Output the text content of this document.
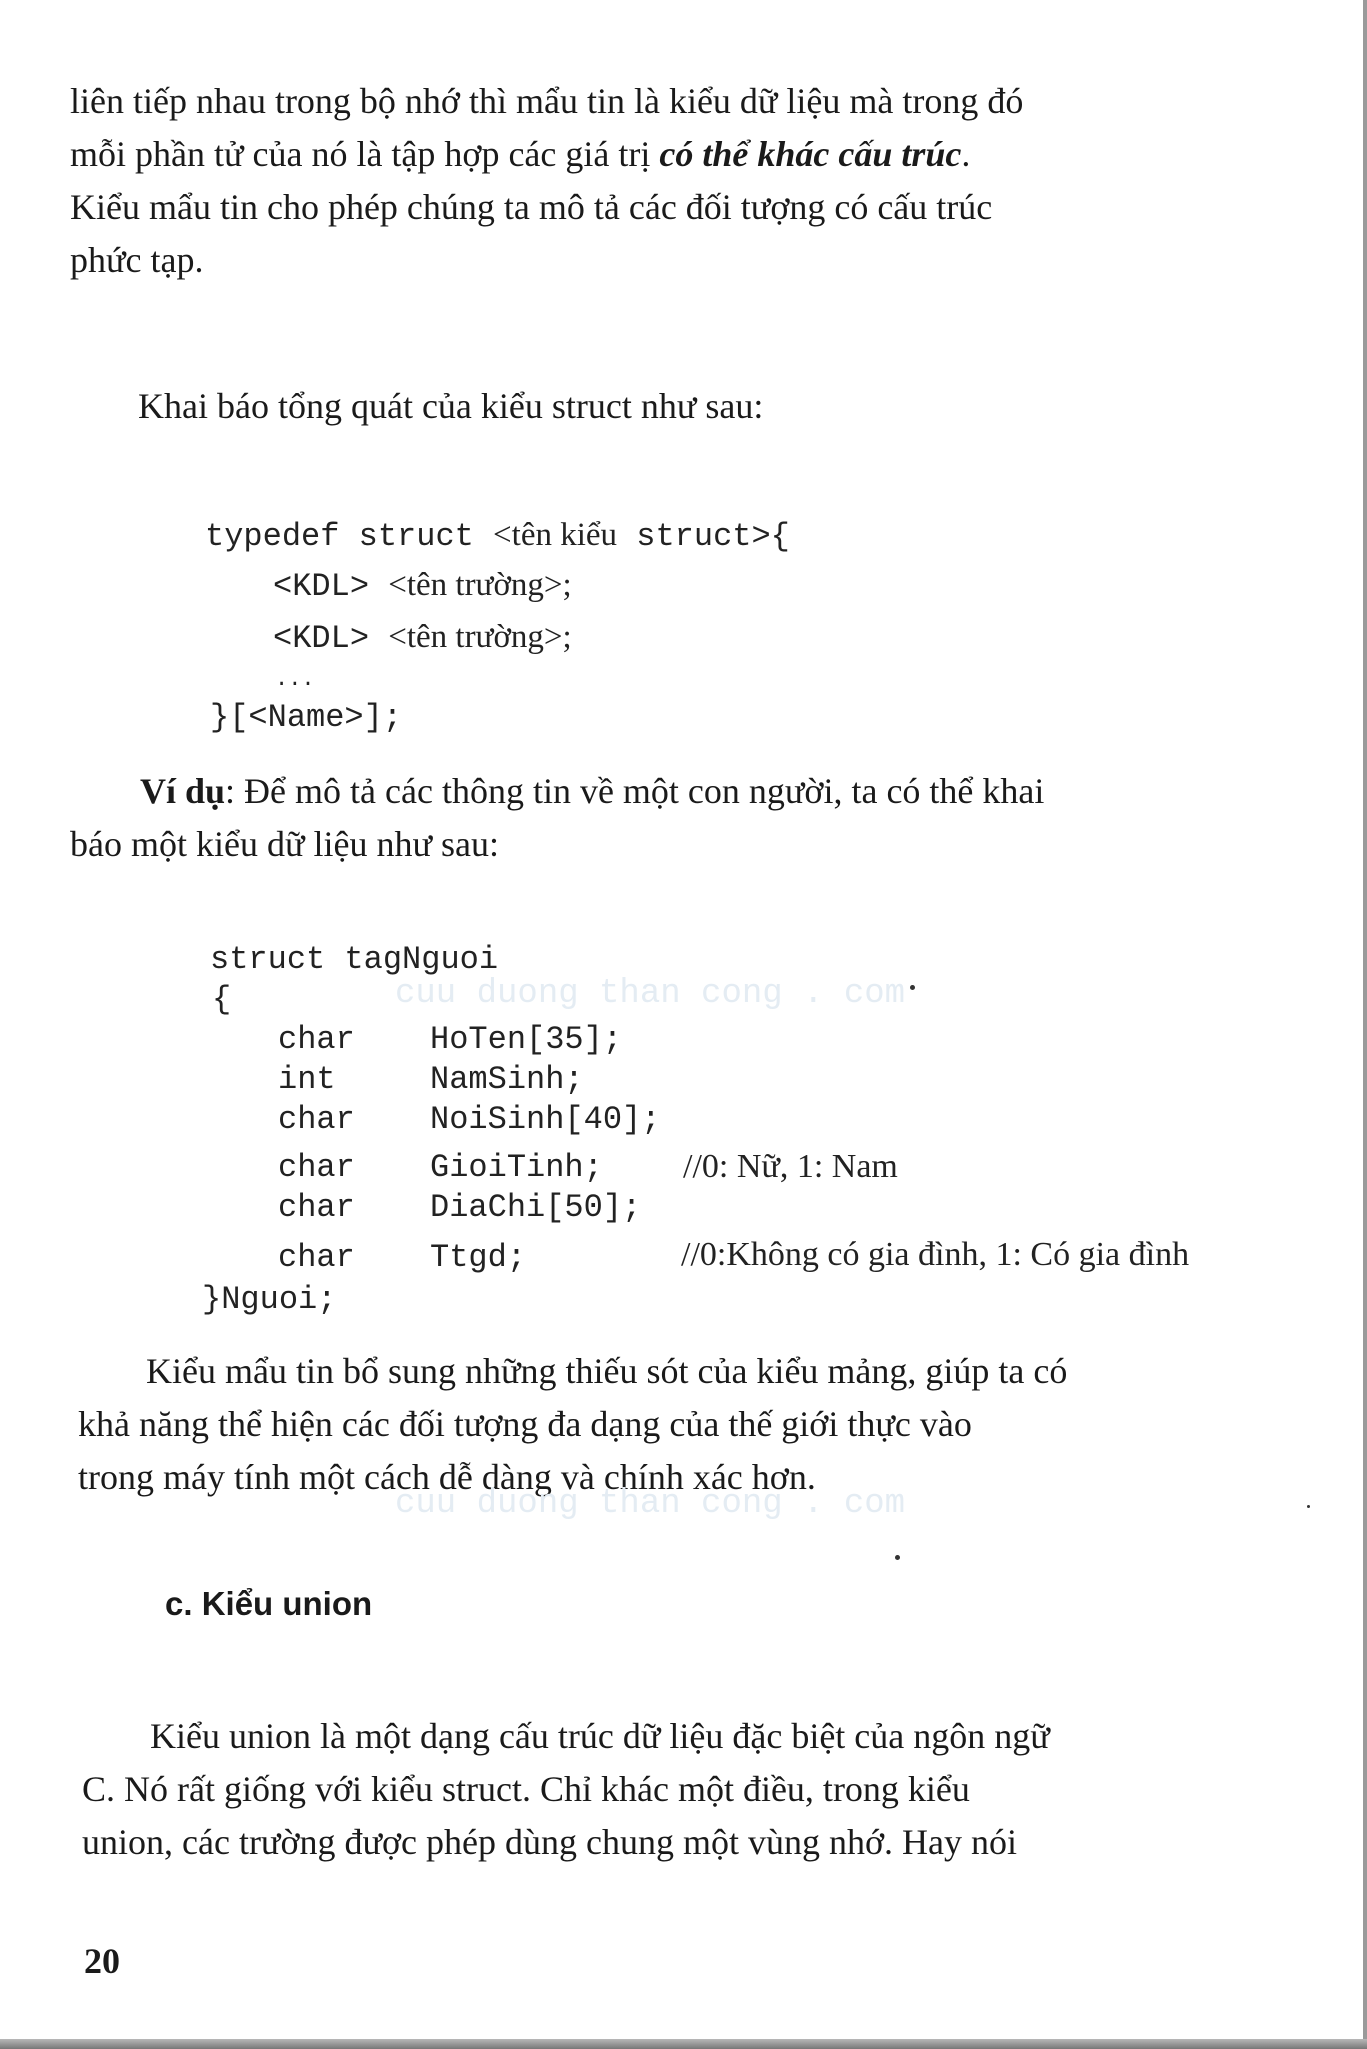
liên tiếp nhau trong bộ nhớ thì mẩu tin là kiểu dữ liệu mà trong đó
mỗi phần tử của nó là tập hợp các giá trị có thể khác cấu trúc.
Kiểu mẩu tin cho phép chúng ta mô tả các đối tượng có cấu trúc
phức tạp.

Khai báo tổng quát của kiểu struct như sau:

typedef struct <tên kiểu struct>{
<KDL> <tên trường>;
<KDL> <tên trường>;
...
}[<Name>];

Ví dụ: Để mô tả các thông tin về một con người, ta có thể khai
báo một kiểu dữ liệu như sau:

struct tagNguoi
{
char HoTen[35];
int	NamSinh;
char NoiSinh[40];
char GioiTinh; //0: Nữ, 1: Nam
char DiaChi[50];
char Ttgd;	//0:Không có gia đình, 1: Có gia đình
}Nguoi;

Kiểu mẩu tin bổ sung những thiếu sót của kiểu mảng, giúp ta có
khả năng thể hiện các đối tượng đa dạng của thế giới thực vào
trong máy tính một cách dễ dàng và chính xác hơn.

c. Kiểu union

Kiểu union là một dạng cấu trúc dữ liệu đặc biệt của ngôn ngữ
C. Nó rất giống với kiểu struct. Chỉ khác một điều, trong kiểu
union, các trường được phép dùng chung một vùng nhớ. Hay nói

cuu duong than cong . com
cuu duong than cong . com
20
